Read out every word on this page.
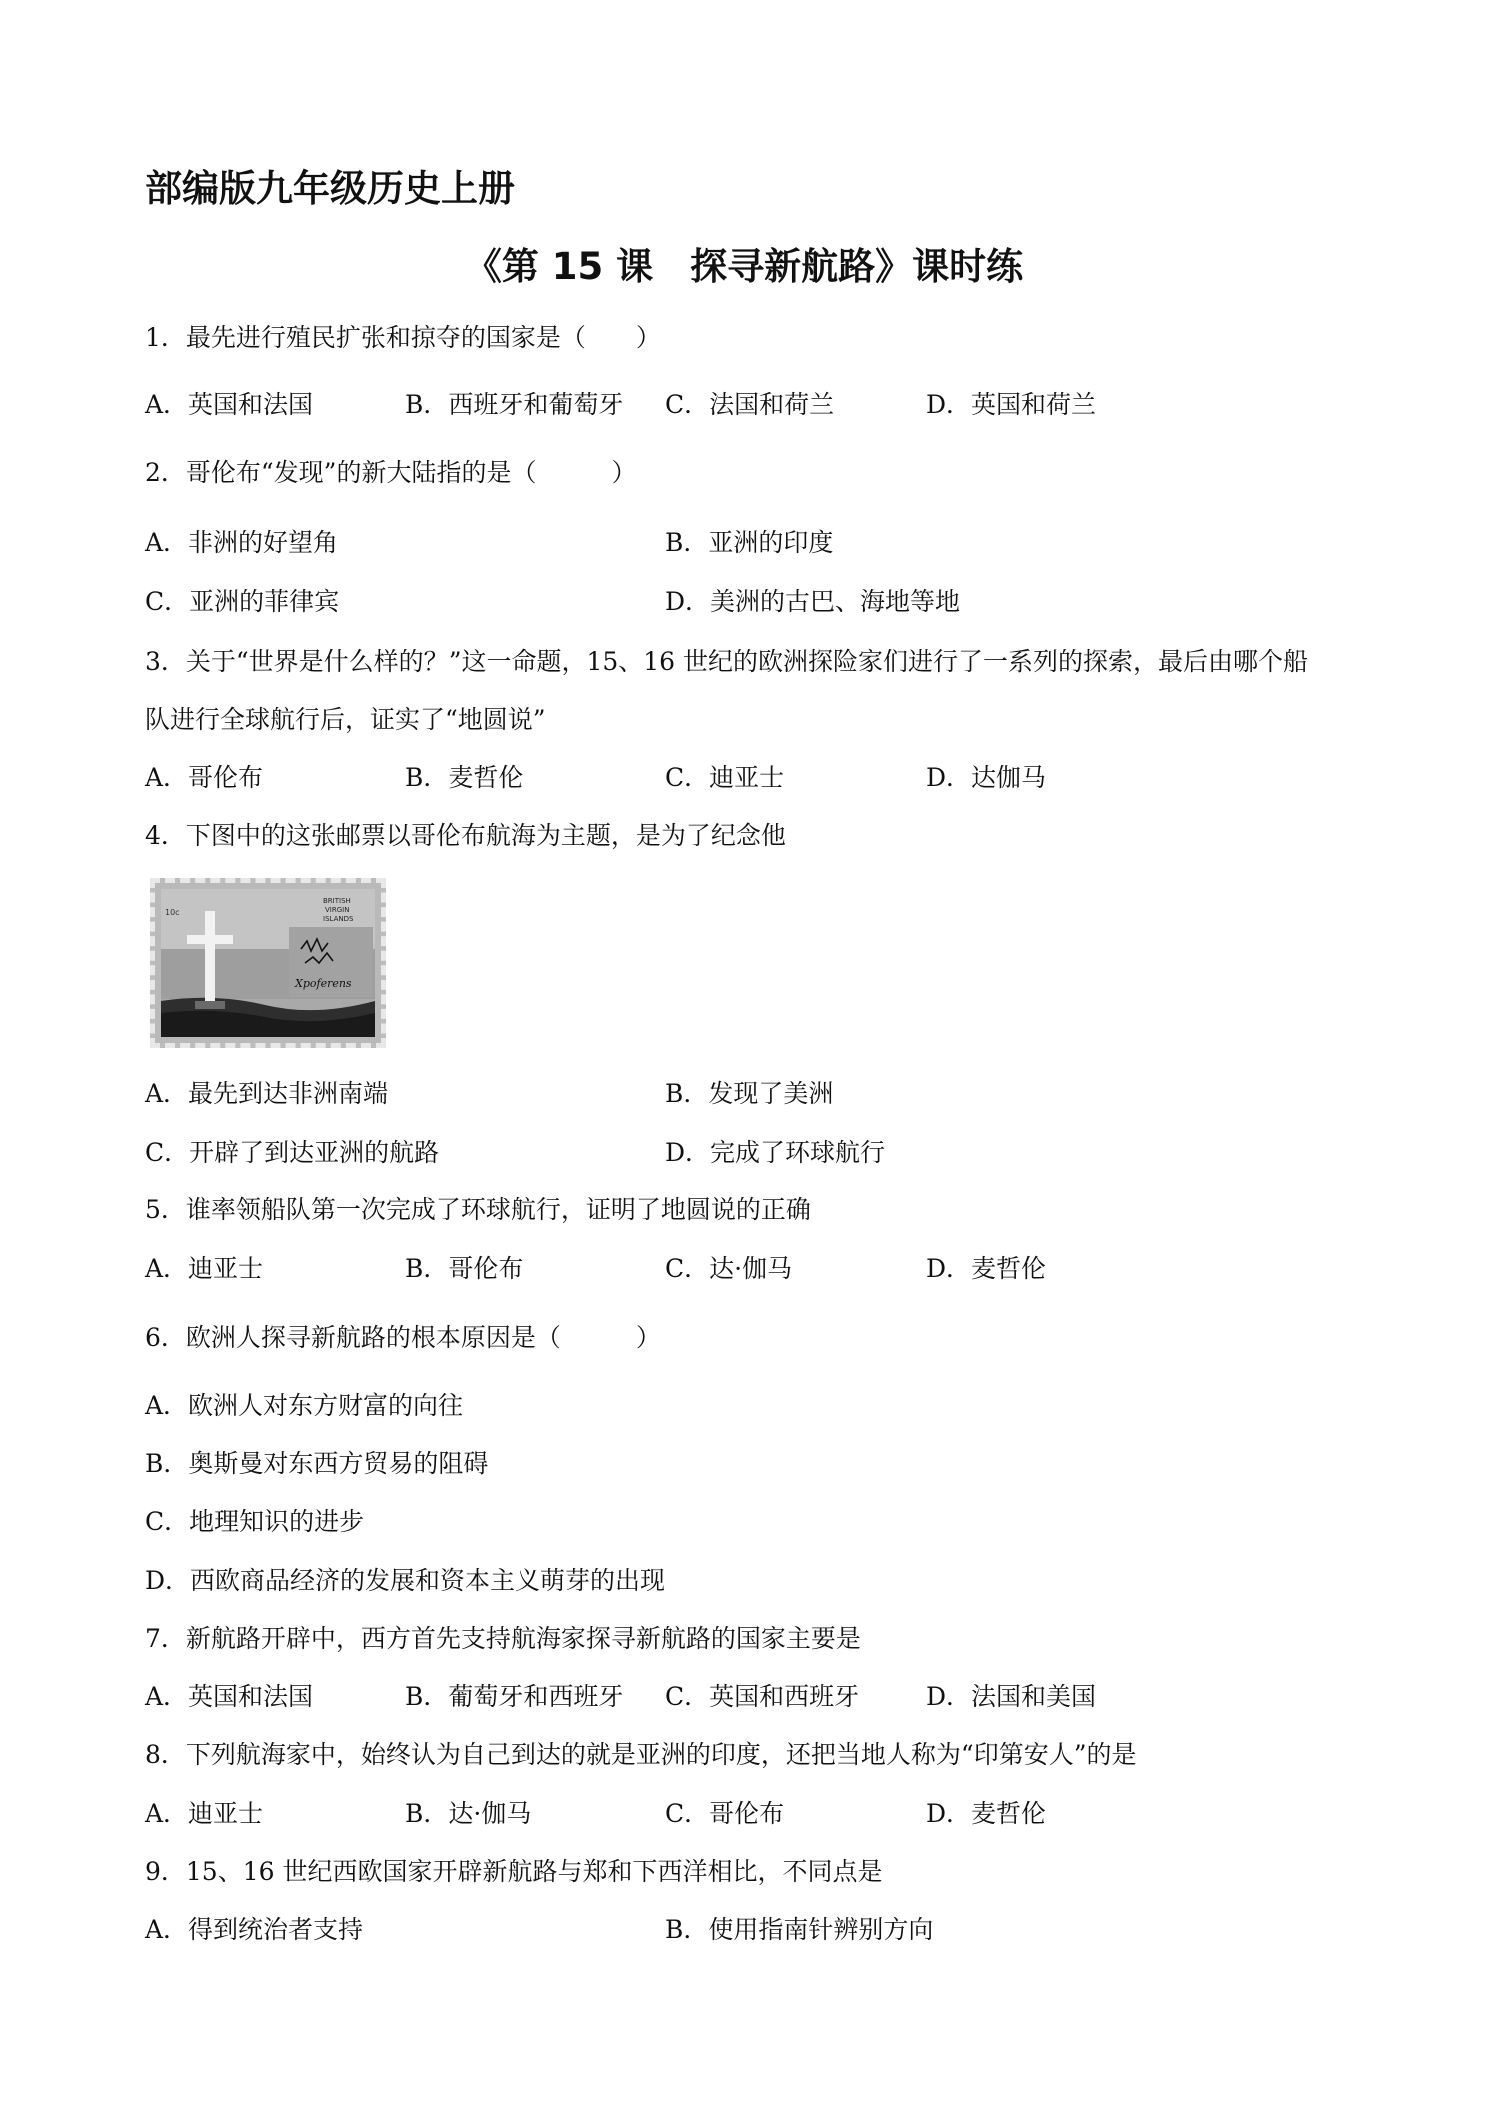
部编版九年级历史上册
《第 15 课　探寻新航路》课时练
1．最先进行殖民扩张和掠夺的国家是（　　）
A．英国和法国	B．西班牙和葡萄牙 C．法国和荷兰	D．英国和荷兰
2．哥伦布“发现”的新大陆指的是（　　　）
A．非洲的好望角	B．亚洲的印度
C．亚洲的菲律宾	D．美洲的古巴、海地等地
3．关于“世界是什么样的？”这一命题，15、16 世纪的欧洲探险家们进行了一系列的探索，最后由哪个船
队进行全球航行后，证实了“地圆说”
A．哥伦布	B．麦哲伦	C．迪亚士	D．达伽马
4．下图中的这张邮票以哥伦布航海为主题，是为了纪念他
BRITISH
VIRGIN
ISLANDS
10c
Xpoferens
A．最先到达非洲南端	B．发现了美洲
C．开辟了到达亚洲的航路	D．完成了环球航行
5．谁率领船队第一次完成了环球航行，证明了地圆说的正确
A．迪亚士	B．哥伦布	C．达·伽马	D．麦哲伦
6．欧洲人探寻新航路的根本原因是（　　　）
A．欧洲人对东方财富的向往
B．奥斯曼对东西方贸易的阻碍
C．地理知识的进步
D．西欧商品经济的发展和资本主义萌芽的出现
7．新航路开辟中，西方首先支持航海家探寻新航路的国家主要是
A．英国和法国	B．葡萄牙和西班牙 C．英国和西班牙	D．法国和美国
8．下列航海家中，始终认为自己到达的就是亚洲的印度，还把当地人称为“印第安人”的是
A．迪亚士	B．达·伽马	C．哥伦布	D．麦哲伦
9．15、16 世纪西欧国家开辟新航路与郑和下西洋相比，不同点是
A．得到统治者支持	B．使用指南针辨别方向
